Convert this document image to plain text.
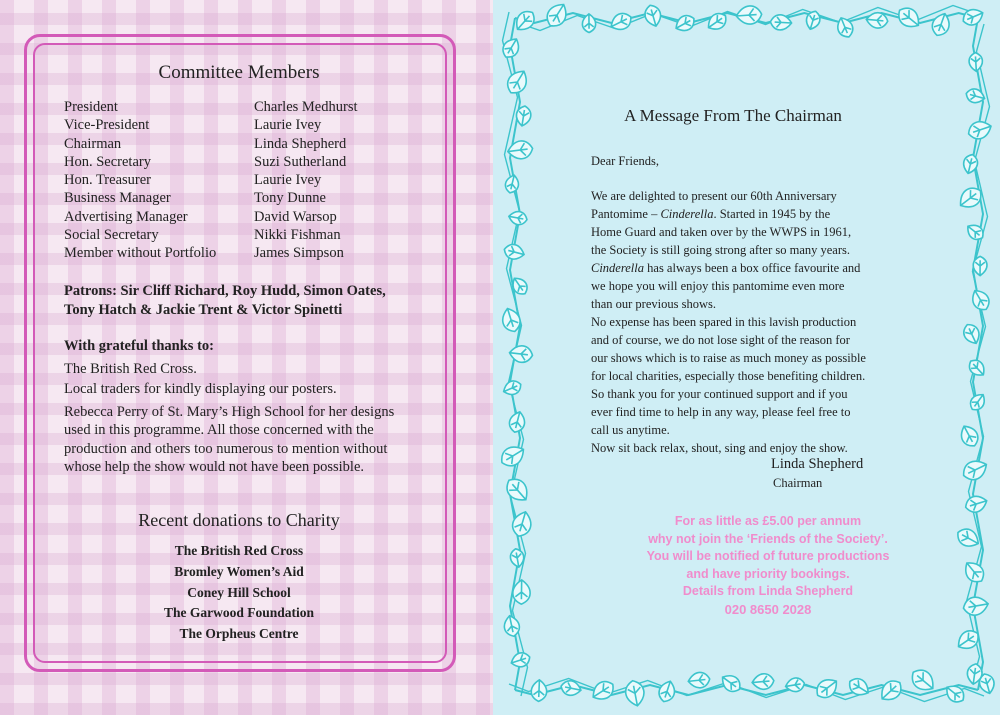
Committee Members
President
Vice-President
Chairman
Hon. Secretary
Hon. Treasurer
Business Manager
Advertising Manager
Social Secretary
Member without Portfolio
Charles Medhurst
Laurie Ivey
Linda Shepherd
Suzi Sutherland
Laurie Ivey
Tony Dunne
David Warsop
Nikki Fishman
James Simpson
Patrons: Sir Cliff Richard, Roy Hudd, Simon Oates, Tony Hatch & Jackie Trent & Victor Spinetti
With grateful thanks to:
The British Red Cross.
Local traders for kindly displaying our posters.
Rebecca Perry of St. Mary’s High School for her designs used in this programme. All those concerned with the production and others too numerous to mention without whose help the show would not have been possible.
Recent donations to Charity
The British Red Cross
Bromley Women’s Aid
Coney Hill School
The Garwood Foundation
The Orpheus Centre
A Message From The Chairman
Dear Friends,
We are delighted to present our 60th Anniversary
Pantomime – Cinderella. Started in 1945 by the
Home Guard and taken over by the WWPS in 1961,
the Society is still going strong after so many years.
Cinderella has always been a box office favourite and
we hope you will enjoy this pantomime even more
than our previous shows.
No expense has been spared in this lavish production
and of course, we do not lose sight of the reason for
our shows which is to raise as much money as possible
for local charities, especially those benefiting children.
So thank you for your continued support and if you
ever find time to help in any way, please feel free to
call us anytime.
Now sit back relax, shout, sing and enjoy the show.
Linda Shepherd
Chairman
For as little as £5.00 per annum
why not join the ‘Friends of the Society’.
You will be notified of future productions
and have priority bookings.
Details from Linda Shepherd
020 8650 2028
